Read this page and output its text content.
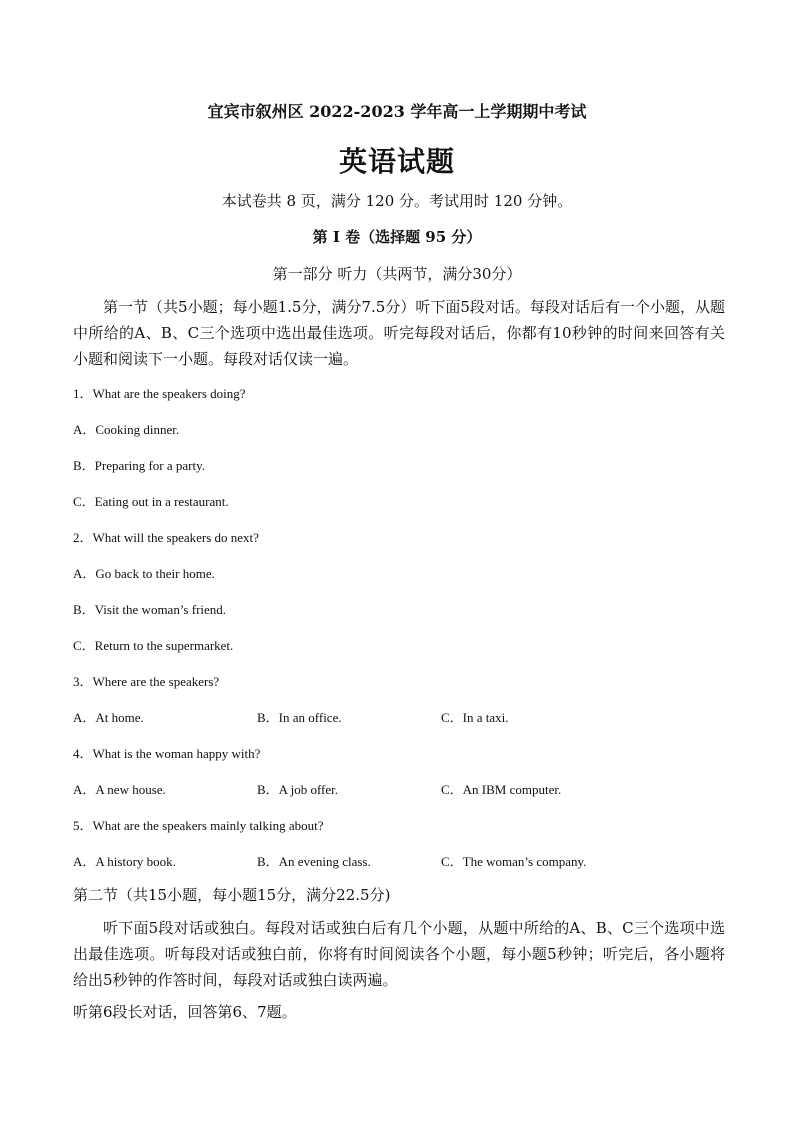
宜宾市叙州区 2022-2023 学年高一上学期期中考试
英语试题
本试卷共 8 页，满分 120 分。考试用时 120 分钟。
第 I 卷（选择题 95 分）
第一部分 听力（共两节，满分30分）
第一节（共5小题；每小题1.5分，满分7.5分）听下面5段对话。每段对话后有一个小题，从题中所给的A、B、C三个选项中选出最佳选项。听完每段对话后，你都有10秒钟的时间来回答有关小题和阅读下一小题。每段对话仅读一遍。
1．What are the speakers doing?
A．Cooking dinner.
B．Preparing for a party.
C．Eating out in a restaurant.
2．What will the speakers do next?
A．Go back to their home.
B．Visit the woman’s friend.
C．Return to the supermarket.
3．Where are the speakers?
A．At home.	B．In an office.	C．In a taxi.
4．What is the woman happy with?
A．A new house.	B．A job offer.	C．An IBM computer.
5．What are the speakers mainly talking about?
A．A history book.	B．An evening class.	C．The woman’s company.
第二节（共15小题，每小题15分，满分22.5分)
听下面5段对话或独白。每段对话或独白后有几个小题，从题中所给的A、B、C三个选项中选出最佳选项。听每段对话或独白前，你将有时间阅读各个小题，每小题5秒钟；听完后，各小题将给出5秒钟的作答时间，每段对话或独白读两遍。
听第6段长对话，回答第6、7题。
